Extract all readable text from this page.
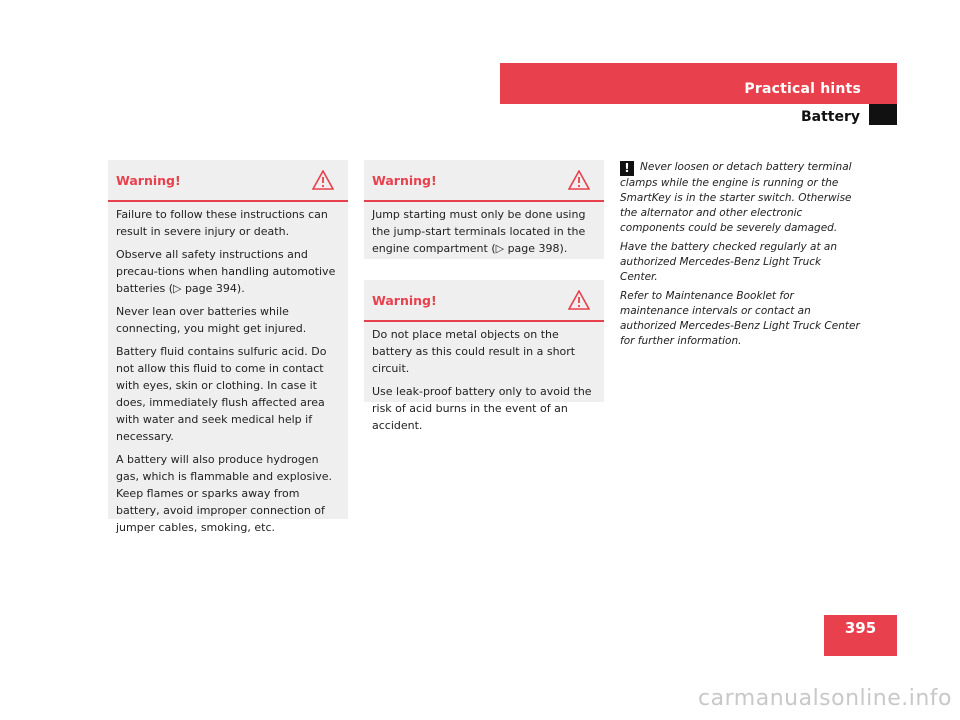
Practical hints
Battery
Warning!

Failure to follow these instructions can result in severe injury or death.

Observe all safety instructions and precau-tions when handling automotive batteries (▷ page 394).

Never lean over batteries while connecting, you might get injured.

Battery fluid contains sulfuric acid. Do not allow this fluid to come in contact with eyes, skin or clothing. In case it does, immediately flush affected area with water and seek medical help if necessary.

A battery will also produce hydrogen gas, which is flammable and explosive. Keep flames or sparks away from battery, avoid improper connection of jumper cables, smoking, etc.

Warning!

Jump starting must only be done using the jump-start terminals located in the engine compartment (▷ page 398).

Warning!

Do not place metal objects on the battery as this could result in a short circuit.

Use leak-proof battery only to avoid the risk of acid burns in the event of an accident.

! Never loosen or detach battery terminal clamps while the engine is running or the SmartKey is in the starter switch. Otherwise the alternator and other electronic components could be severely damaged.

Have the battery checked regularly at an authorized Mercedes-Benz Light Truck Center.

Refer to Maintenance Booklet for maintenance intervals or contact an authorized Mercedes-Benz Light Truck Center for further information.

395
carmanualsonline.info
